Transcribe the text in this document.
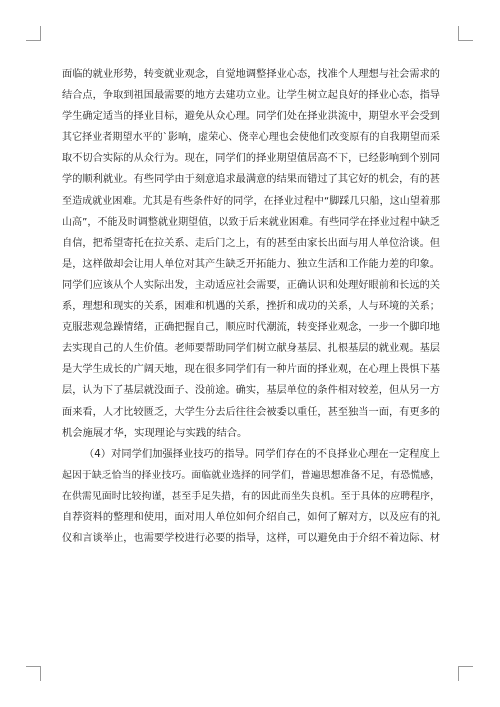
面临的就业形势，转变就业观念，自觉地调整择业心态，找准个人理想与社会需求的
结合点，争取到祖国最需要的地方去建功立业。让学生树立起良好的择业心态，指导
学生确定适当的择业目标，避免从众心理。同学们处在择业洪流中，期望水平会受到
其它择业者期望水平的`影响，虚荣心、侥幸心理也会使他们改变原有的自我期望而采
取不切合实际的从众行为。现在，同学们的择业期望值居高不下，已经影响到个别同
学的顺利就业。有些同学由于刻意追求最满意的结果而错过了其它好的机会，有的甚
至造成就业困难。尤其是有些条件好的同学，在择业过程中“脚踩几只船，这山望着那
山高”，不能及时调整就业期望值，以致于后来就业困难。有些同学在择业过程中缺乏
自信，把希望寄托在拉关系、走后门之上，有的甚至由家长出面与用人单位洽谈。但
是，这样做却会让用人单位对其产生缺乏开拓能力、独立生活和工作能力差的印象。
同学们应该从个人实际出发，主动适应社会需要，正确认识和处理好眼前和长远的关
系，理想和现实的关系，困难和机遇的关系，挫折和成功的关系，人与环境的关系；
克服悲观急躁情绪，正确把握自己，顺应时代潮流，转变择业观念，一步一个脚印地
去实现自己的人生价值。老师要帮助同学们树立献身基层、扎根基层的就业观。基层
是大学生成长的广阔天地，现在很多同学们有一种片面的择业观，在心理上畏惧下基
层，认为下了基层就没面子、没前途。确实，基层单位的条件相对较差，但从另一方
面来看，人才比较匮乏，大学生分去后往往会被委以重任，甚至独当一面，有更多的
机会施展才华，实现理论与实践的结合。
（4）对同学们加强择业技巧的指导。同学们存在的不良择业心理在一定程度上
起因于缺乏恰当的择业技巧。面临就业选择的同学们，普遍思想准备不足，有恐慌感，
在供需见面时比较拘谨，甚至手足失措，有的因此而坐失良机。至于具体的应聘程序，
自荐资料的整理和使用，面对用人单位如何介绍自己，如何了解对方，以及应有的礼
仪和言谈举止，也需要学校进行必要的指导，这样，可以避免由于介绍不着边际、材
